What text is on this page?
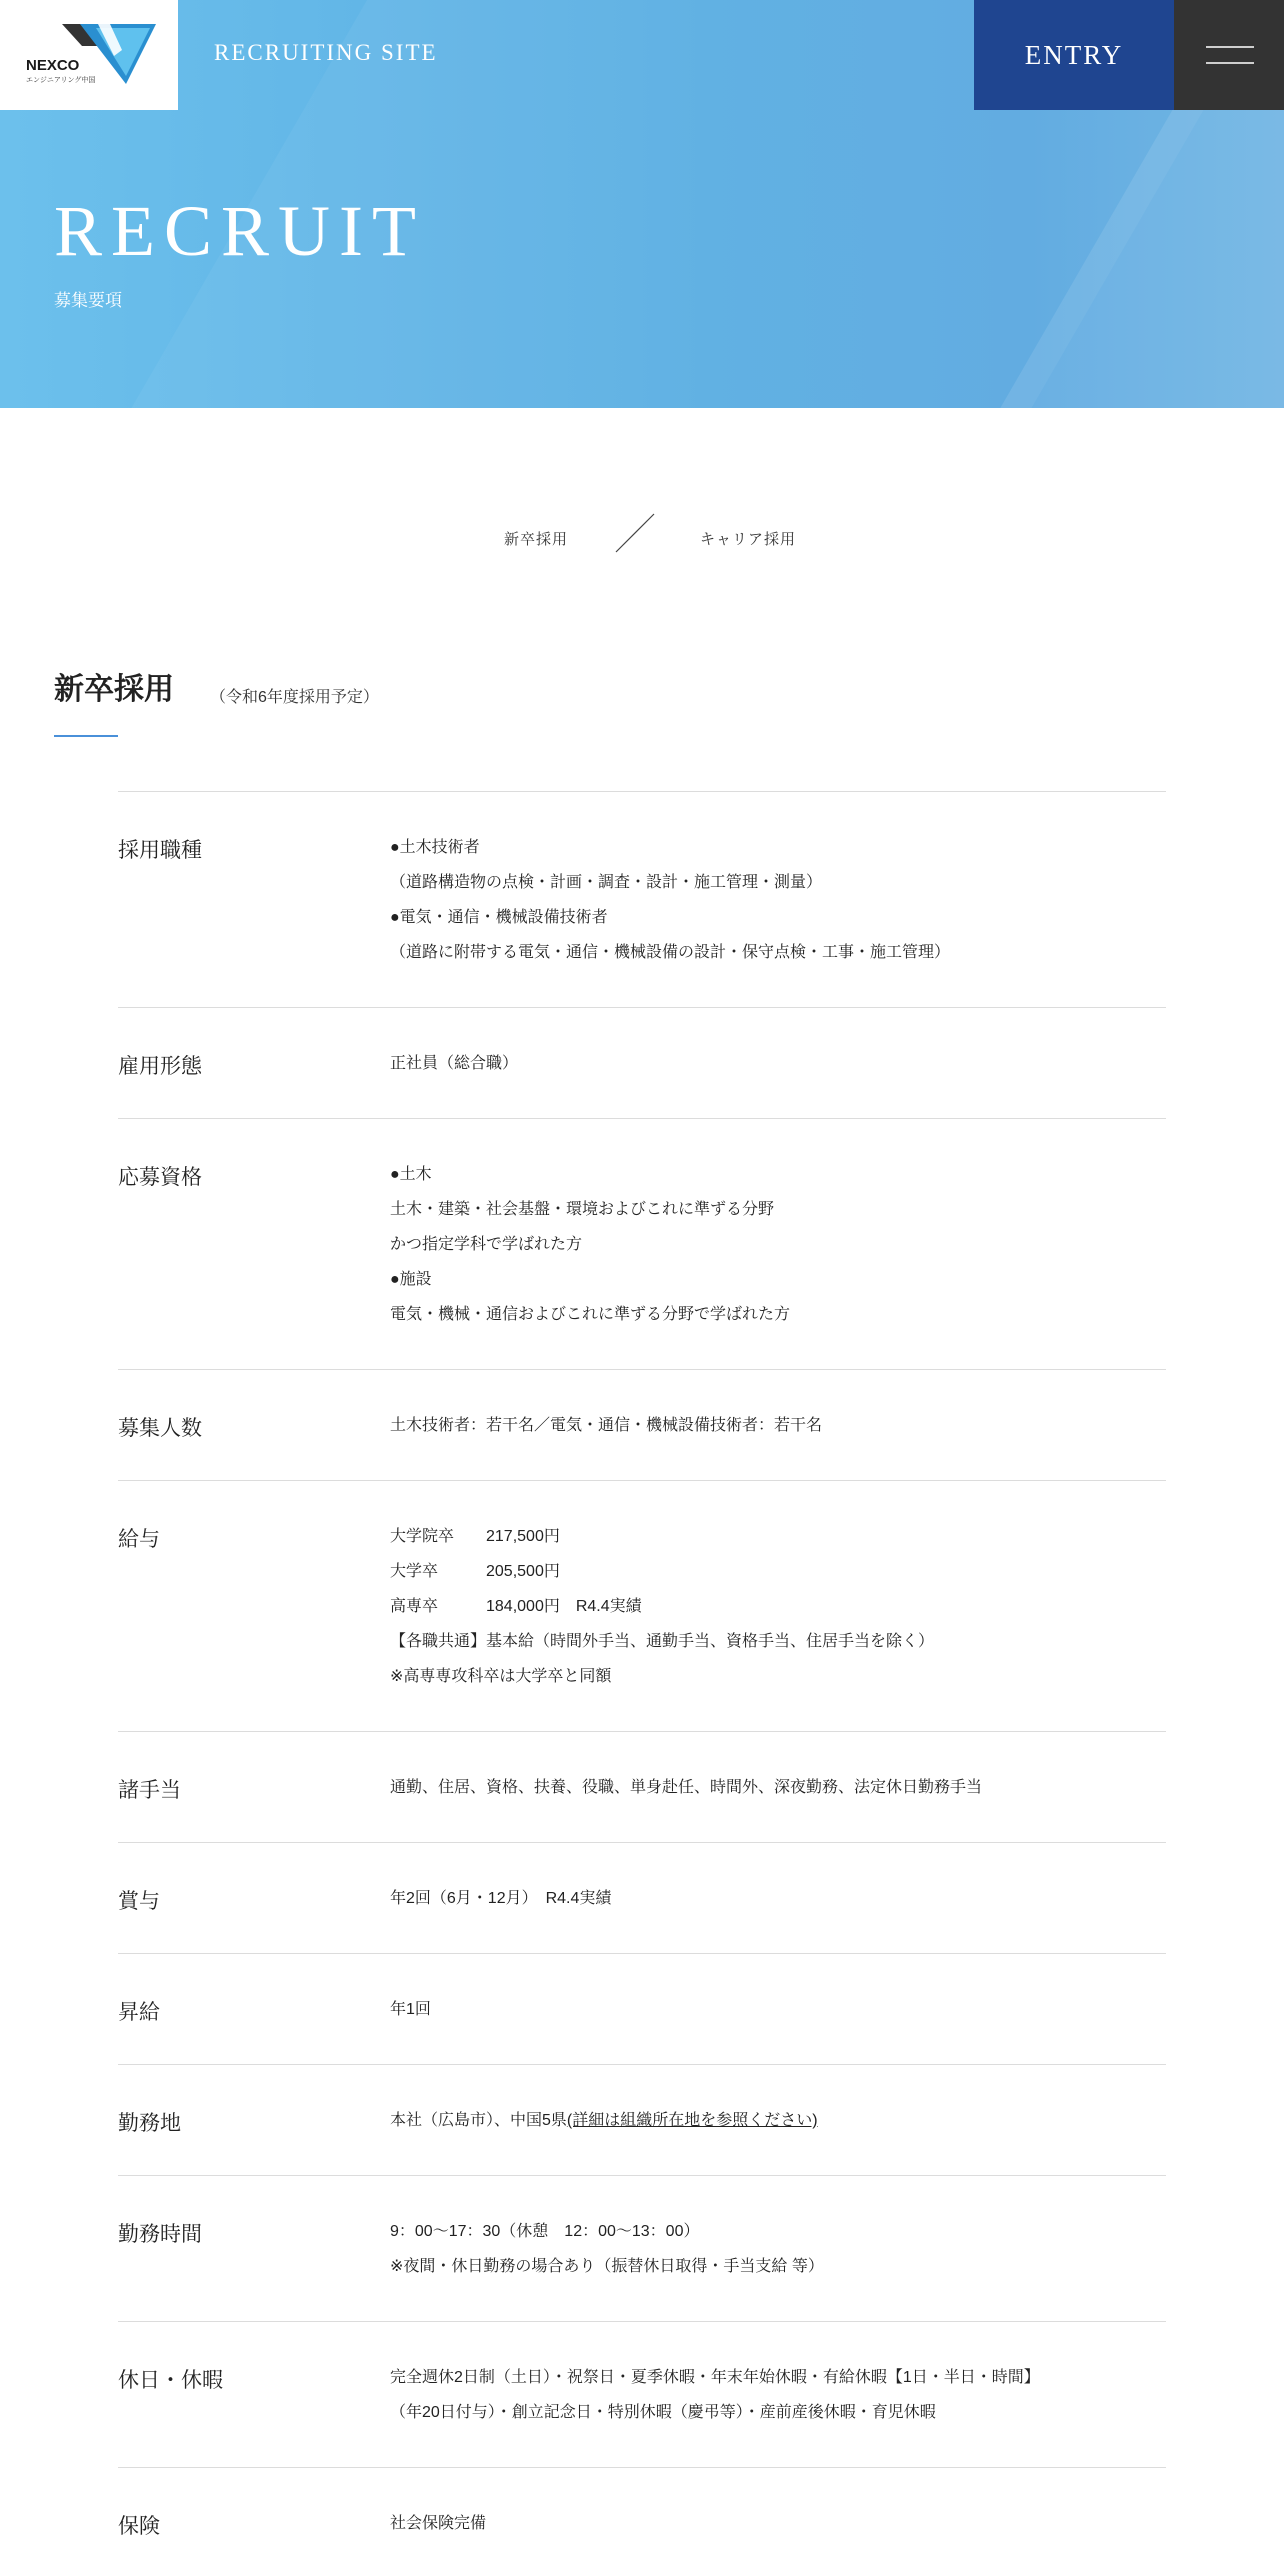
RECRUIT
募集要項
NEXCO
エンジニアリング中国
RECRUITING SITE	ENTRY
新卒採用	キャリア採用
新卒採用 （令和6年度採用予定）
採用職種	●土木技術者

（道路構造物の点検・計画・調査・設計・施工管理・測量）

●電気・通信・機械設備技術者

（道路に附帯する電気・通信・機械設備の設計・保守点検・工事・施工管理）

雇用形態	正社員（総合職）

応募資格	●土木

土木・建築・社会基盤・環境およびこれに準ずる分野

かつ指定学科で学ばれた方

●施設

電気・機械・通信およびこれに準ずる分野で学ばれた方

募集人数	土木技術者：若干名／電気・通信・機械設備技術者：若干名

給与	大学院卒　　217,500円

大学卒　　　205,500円

高専卒　　　184,000円　R4.4実績

【各職共通】基本給（時間外手当、通勤手当、資格手当、住居手当を除く）

※高専専攻科卒は大学卒と同額

諸手当	通勤、住居、資格、扶養、役職、単身赴任、時間外、深夜勤務、法定休日勤務手当

賞与	年2回（6月・12月）　R4.4実績

昇給	年1回

勤務地	本社（広島市）、中国5県(詳細は組織所在地を参照ください)

勤務時間	9：00～17：30（休憩　12：00～13：00）

※夜間・休日勤務の場合あり（振替休日取得・手当支給 等）

休日・休暇	完全週休2日制（土日）・祝祭日・夏季休暇・年末年始休暇・有給休暇【1日・半日・時間】

（年20日付与）・創立記念日・特別休暇（慶弔等）・産前産後休暇・育児休暇

保険	社会保険完備
